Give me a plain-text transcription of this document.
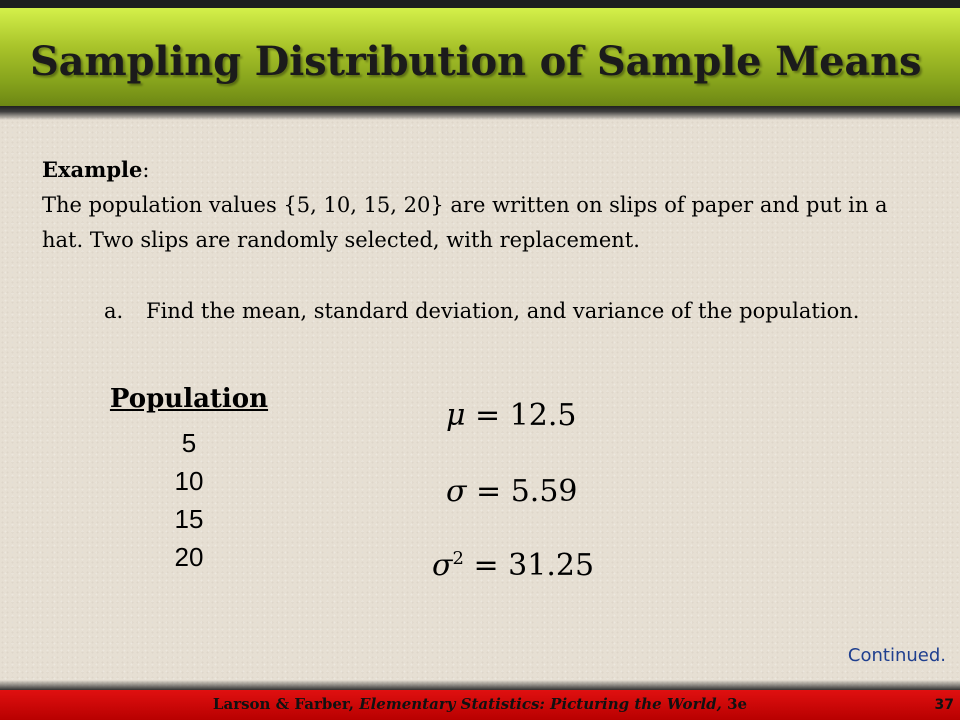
Sampling Distribution of Sample Means
Example:
The population values {5, 10, 15, 20} are written on slips of paper and put in a hat. Two slips are randomly selected, with replacement.
a. Find the mean, standard deviation, and variance of the population.
Population
5
10
15
20
μ = 12.5
σ = 5.59
$\sigma^2 = 31.25$
Continued.
Larson & Farber, Elementary Statistics: Picturing the World, 3e	37
